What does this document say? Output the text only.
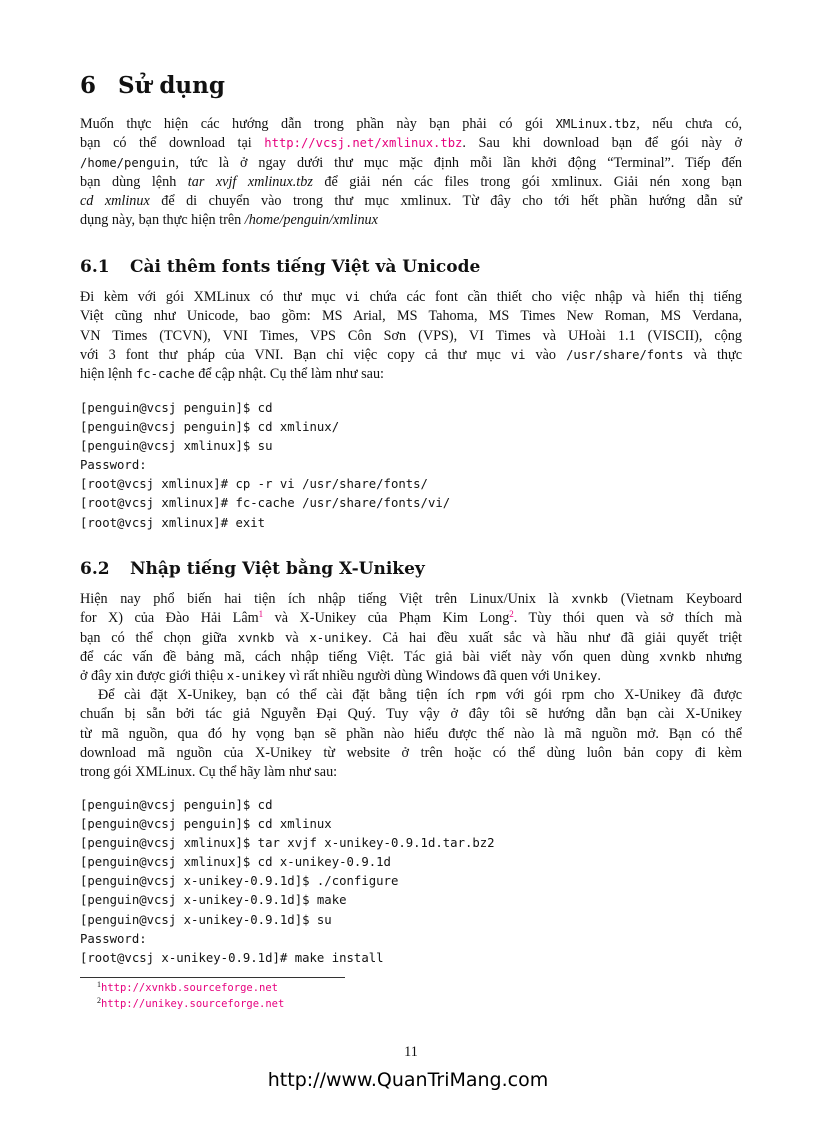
6 Sử dụng
Muốn thực hiện các hướng dẫn trong phần này bạn phải có gói XMLinux.tbz, nếu chưa có,
bạn có thể download tại http://vcsj.net/xmlinux.tbz. Sau khi download bạn để gói này ở
/home/penguin, tức là ở ngay dưới thư mục mặc định mỗi lần khởi động “Terminal”. Tiếp đến
bạn dùng lệnh tar xvjf xmlinux.tbz để giải nén các files trong gói xmlinux. Giải nén xong bạn
cd xmlinux để di chuyển vào trong thư mục xmlinux. Từ đây cho tới hết phần hướng dẫn sử
dụng này, bạn thực hiện trên /home/penguin/xmlinux
6.1 Cài thêm fonts tiếng Việt và Unicode
Đi kèm với gói XMLinux có thư mục vi chứa các font cần thiết cho việc nhập và hiển thị tiếng
Việt cũng như Unicode, bao gồm: MS Arial, MS Tahoma, MS Times New Roman, MS Verdana,
VN Times (TCVN), VNI Times, VPS Côn Sơn (VPS), VI Times và UHoài 1.1 (VISCII), cộng
với 3 font thư pháp của VNI. Bạn chỉ việc copy cả thư mục vi vào /usr/share/fonts và thực
hiện lệnh fc-cache để cập nhật. Cụ thể làm như sau:
[penguin@vcsj penguin]$ cd
[penguin@vcsj penguin]$ cd xmlinux/
[penguin@vcsj xmlinux]$ su
Password:
[root@vcsj xmlinux]# cp -r vi /usr/share/fonts/
[root@vcsj xmlinux]# fc-cache /usr/share/fonts/vi/
[root@vcsj xmlinux]# exit
6.2 Nhập tiếng Việt bằng X-Unikey
Hiện nay phổ biến hai tiện ích nhập tiếng Việt trên Linux/Unix là xvnkb (Vietnam Keyboard
for X) của Đào Hải Lâm$^1$ và X-Unikey của Phạm Kim Long$^2$. Tùy thói quen và sở thích mà
bạn có thể chọn giữa xvnkb và x-unikey. Cả hai đều xuất sắc và hầu như đã giải quyết triệt
để các vấn đề bảng mã, cách nhập tiếng Việt. Tác giả bài viết này vốn quen dùng xvnkb nhưng
ở đây xin được giới thiệu x-unikey vì rất nhiều người dùng Windows đã quen với Unikey.
Để cài đặt X-Unikey, bạn có thể cài đặt bằng tiện ích rpm với gói rpm cho X-Unikey đã được
chuẩn bị sẵn bởi tác giả Nguyễn Đại Quý. Tuy vậy ở đây tôi sẽ hướng dẫn bạn cài X-Unikey
từ mã nguồn, qua đó hy vọng bạn sẽ phần nào hiểu được thế nào là mã nguồn mở. Bạn có thể
download mã nguồn của X-Unikey từ website ở trên hoặc có thể dùng luôn bản copy đi kèm
trong gói XMLinux. Cụ thể hãy làm như sau:
[penguin@vcsj penguin]$ cd
[penguin@vcsj penguin]$ cd xmlinux
[penguin@vcsj xmlinux]$ tar xvjf x-unikey-0.9.1d.tar.bz2
[penguin@vcsj xmlinux]$ cd x-unikey-0.9.1d
[penguin@vcsj x-unikey-0.9.1d]$ ./configure
[penguin@vcsj x-unikey-0.9.1d]$ make
[penguin@vcsj x-unikey-0.9.1d]$ su
Password:
[root@vcsj x-unikey-0.9.1d]# make install
$^1$http://xvnkb.sourceforge.net
$^2$http://unikey.sourceforge.net
11
http://www.QuanTriMang.com
